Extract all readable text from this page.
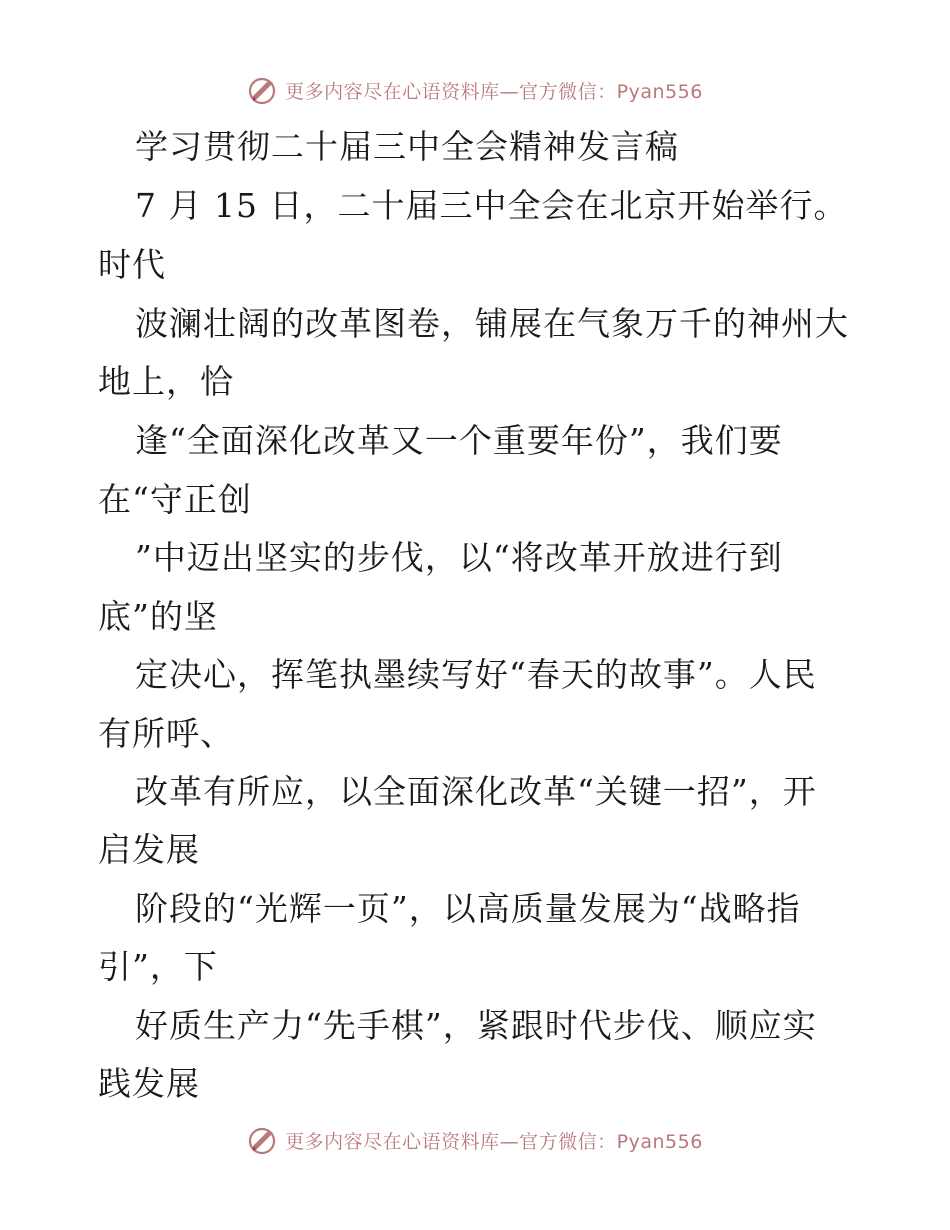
更多内容尽在心语资料库—官方微信：Pyan556
学习贯彻二十届三中全会精神发言稿
7 月 15 日，二十届三中全会在北京开始举行。
时代
波澜壮阔的改革图卷，铺展在气象万千的神州大
地上，恰
逢“全面深化改革又一个重要年份”，我们要
在“守正创
”中迈出坚实的步伐，以“将改革开放进行到
底”的坚
定决心，挥笔执墨续写好“春天的故事”。人民
有所呼、
改革有所应，以全面深化改革“关键一招”，开
启发展
阶段的“光辉一页”，以高质量发展为“战略指
引”，下
好质生产力“先手棋”，紧跟时代步伐、顺应实
践发展
更多内容尽在心语资料库—官方微信：Pyan556
